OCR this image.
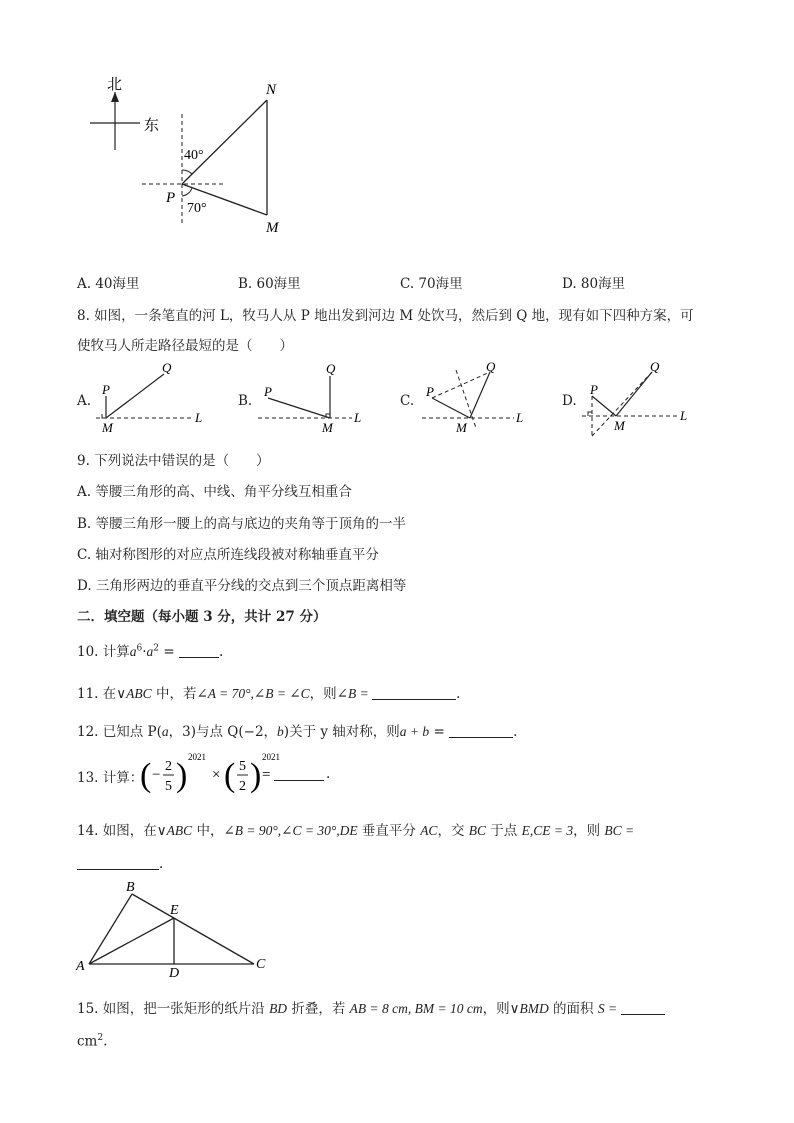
北
东
40°
70°
P
N
M
A. 40海里	B. 60海里	C. 70海里	D. 80海里
8. 如图，一条笔直的河 L，牧马人从 P 地出发到河边 M 处饮马，然后到 Q 地，现有如下四种方案，可
使牧马人所走路径最短的是（　　）
A.
P
Q
M
L
B.
P
Q
M
L
C.
P
Q
M
L
D.
P
Q
M
L
9. 下列说法中错误的是（　　）
A. 等腰三角形的高、中线、角平分线互相重合
B. 等腰三角形一腰上的高与底边的夹角等于顶角的一半
C. 轴对称图形的对应点所连线段被对称轴垂直平分
D. 三角形两边的垂直平分线的交点到三个顶点距离相等
二．填空题（每小题 3 分，共计 27 分）
10. 计算$a^6\cdot a^2$ =	.
11. 在∨ABC 中，若∠A = 70°,∠B = ∠C，则∠B =	.
12. 已知点 P(a，3)与点 Q(−2，b)关于 y 轴对称，则a + b =	.
13. 计算：
( −
2
5 ) 2021
× ( 5
2 ) 2021
=	.
14. 如图，在∨ABC 中，∠B = 90°,∠C = 30°,DE 垂直平分 AC，交 BC 于点 E,CE = 3，则 BC =
.
A
B
C
D
E
15. 如图，把一张矩形的纸片沿 BD 折叠，若 AB = 8 cm, BM = 10 cm，则∨BMD 的面积 S =
$cm^2$.
